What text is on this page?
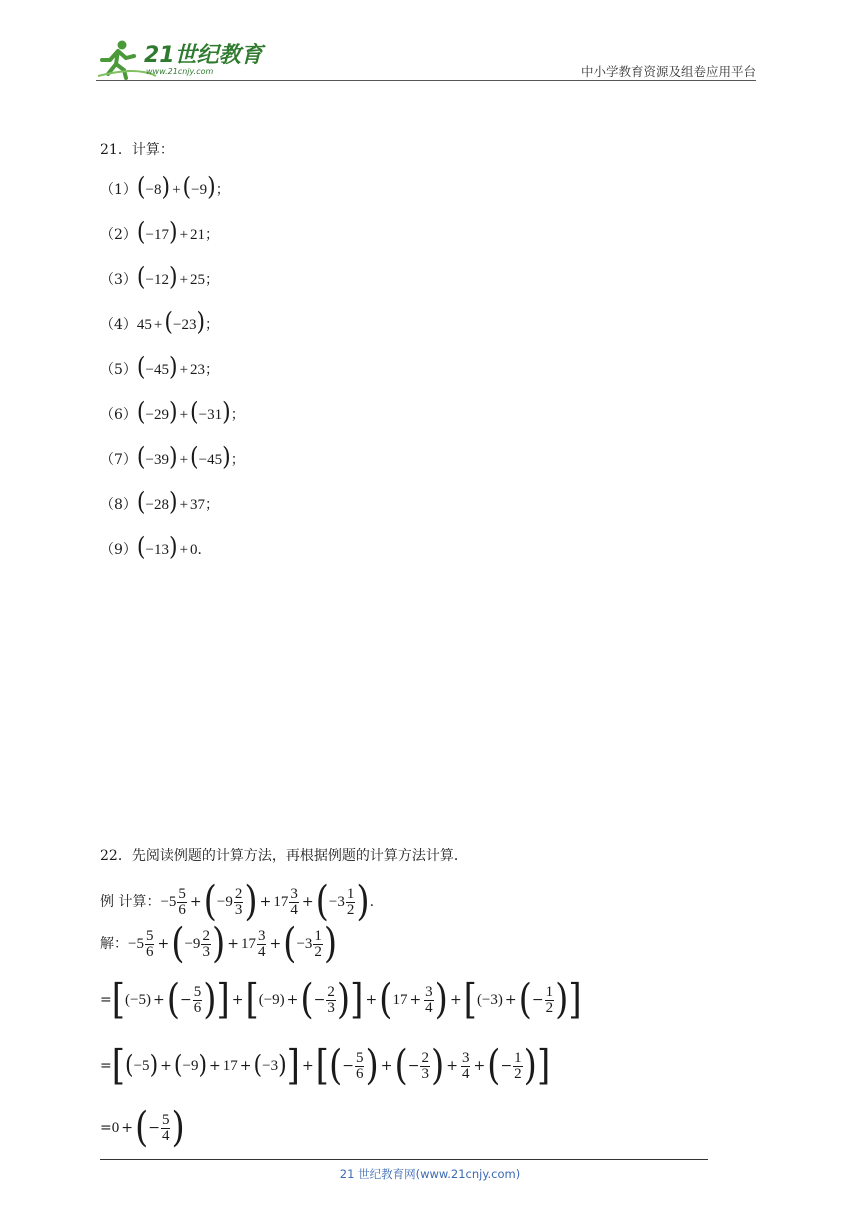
21世纪教育
www.21cnjy.com	中小学教育资源及组卷应用平台
21．计算：
（1）(−8) +(−9)；
（2）(−17) + 21；
（3）(−12) + 25；
（4）45 +(−23)；
（5）(−45) + 23；
（6）(−29) +(−31)；
（7）(−39) +(−45)；
（8）(−28) + 37；
（9）(−13) + 0．
22．先阅读例题的计算方法，再根据例题的计算方法计算．
例 计算：$-5 \frac{5}{6} +(-9 \frac{2}{3}$ ) + $17 \frac{3}{4} +(-3 \frac{1}{2}$ ).
解：$-5 \frac{5}{6} +(-9 \frac{2}{3}$ ) + $17 \frac{3}{4} +(-3 \frac{1}{2}$ )
=[(−5) +(− $\frac{5}{6}$ )] +[(−9) +(− $\frac{2}{3}$ )] $+(17 + \frac{3}{4}$ ) +[(−3) +(− $\frac{1}{2}$ )]
=[(−5) +(−9) + 17 +(−3)] +[(− $\frac{5}{6}$ ) +(− $\frac{2}{3}$ ) + $\frac{3}{4}$ +(− $\frac{1}{2}$ )]
=0 +(− $\frac{5}{4}$ )
21 世纪教育网(www.21cnjy.com)
